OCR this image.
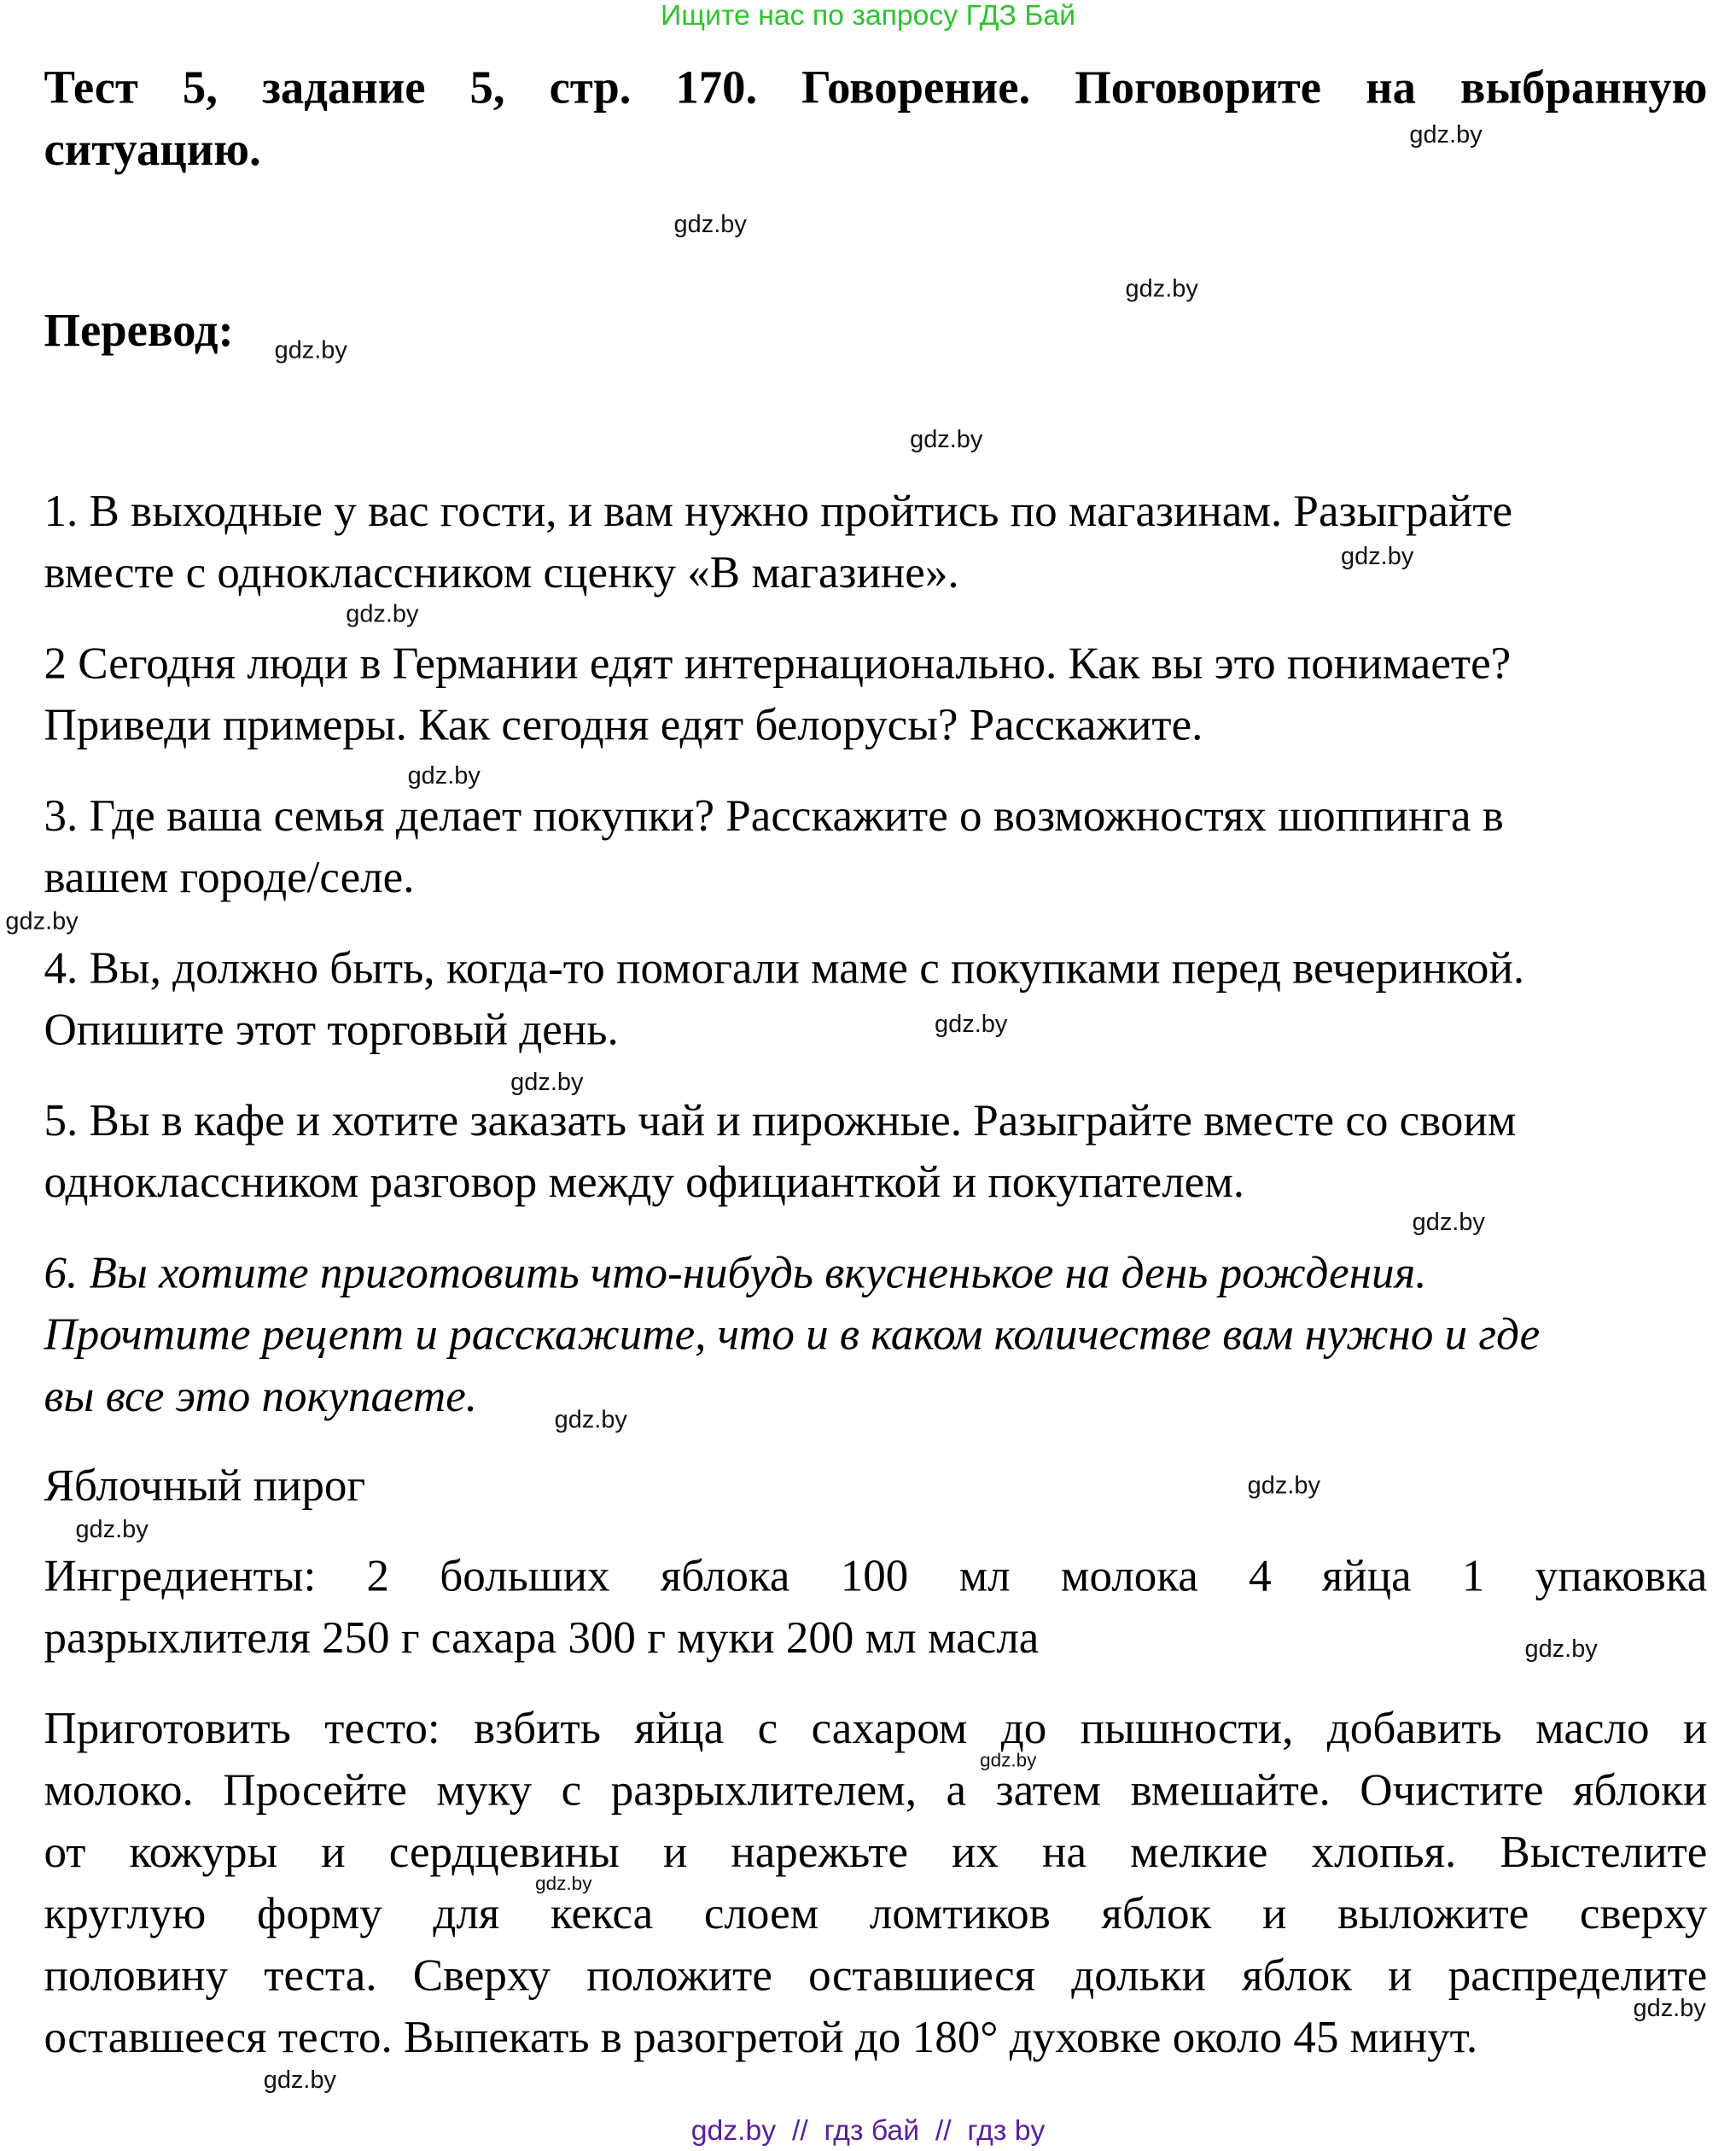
Ищите нас по запросу ГДЗ Бай
Тест 5, задание 5, стр. 170. Говорение. Поговорите на выбранную
ситуацию.
Перевод:
1. В выходные у вас гости, и вам нужно пройтись по магазинам. Разыграйте
вместе с одноклассником сценку «В магазине».
2 Сегодня люди в Германии едят интернационально. Как вы это понимаете?
Приведи примеры. Как сегодня едят белорусы? Расскажите.
3. Где ваша семья делает покупки? Расскажите о возможностях шоппинга в
вашем городе/селе.
4. Вы, должно быть, когда-то помогали маме с покупками перед вечеринкой.
Опишите этот торговый день.
5. Вы в кафе и хотите заказать чай и пирожные. Разыграйте вместе со своим
одноклассником разговор между официанткой и покупателем.
6. Вы хотите приготовить что-нибудь вкусненькое на день рождения.
Прочтите рецепт и расскажите, что и в каком количестве вам нужно и где
вы все это покупаете.
Яблочный пирог
Ингредиенты: 2 больших яблока 100 мл молока 4 яйца 1 упаковка
разрыхлителя 250 г сахара 300 г муки 200 мл масла
Приготовить тесто: взбить яйца с сахаром до пышности, добавить масло и
молоко. Просейте муку с разрыхлителем, а затем вмешайте. Очистите яблоки
от кожуры и сердцевины и нарежьте их на мелкие хлопья. Выстелите
круглую форму для кекса слоем ломтиков яблок и выложите сверху
половину теста. Сверху положите оставшиеся дольки яблок и распределите
оставшееся тесто. Выпекать в разогретой до 180° духовке около 45 минут.
gdz.by
gdz.by
gdz.by
gdz.by
gdz.by
gdz.by
gdz.by
gdz.by
gdz.by
gdz.by
gdz.by
gdz.by
gdz.by
gdz.by
gdz.by
gdz.by
gdz.by
gdz.by
gdz.by
gdz.by
gdz.by  //  гдз бай  //  гдз by
